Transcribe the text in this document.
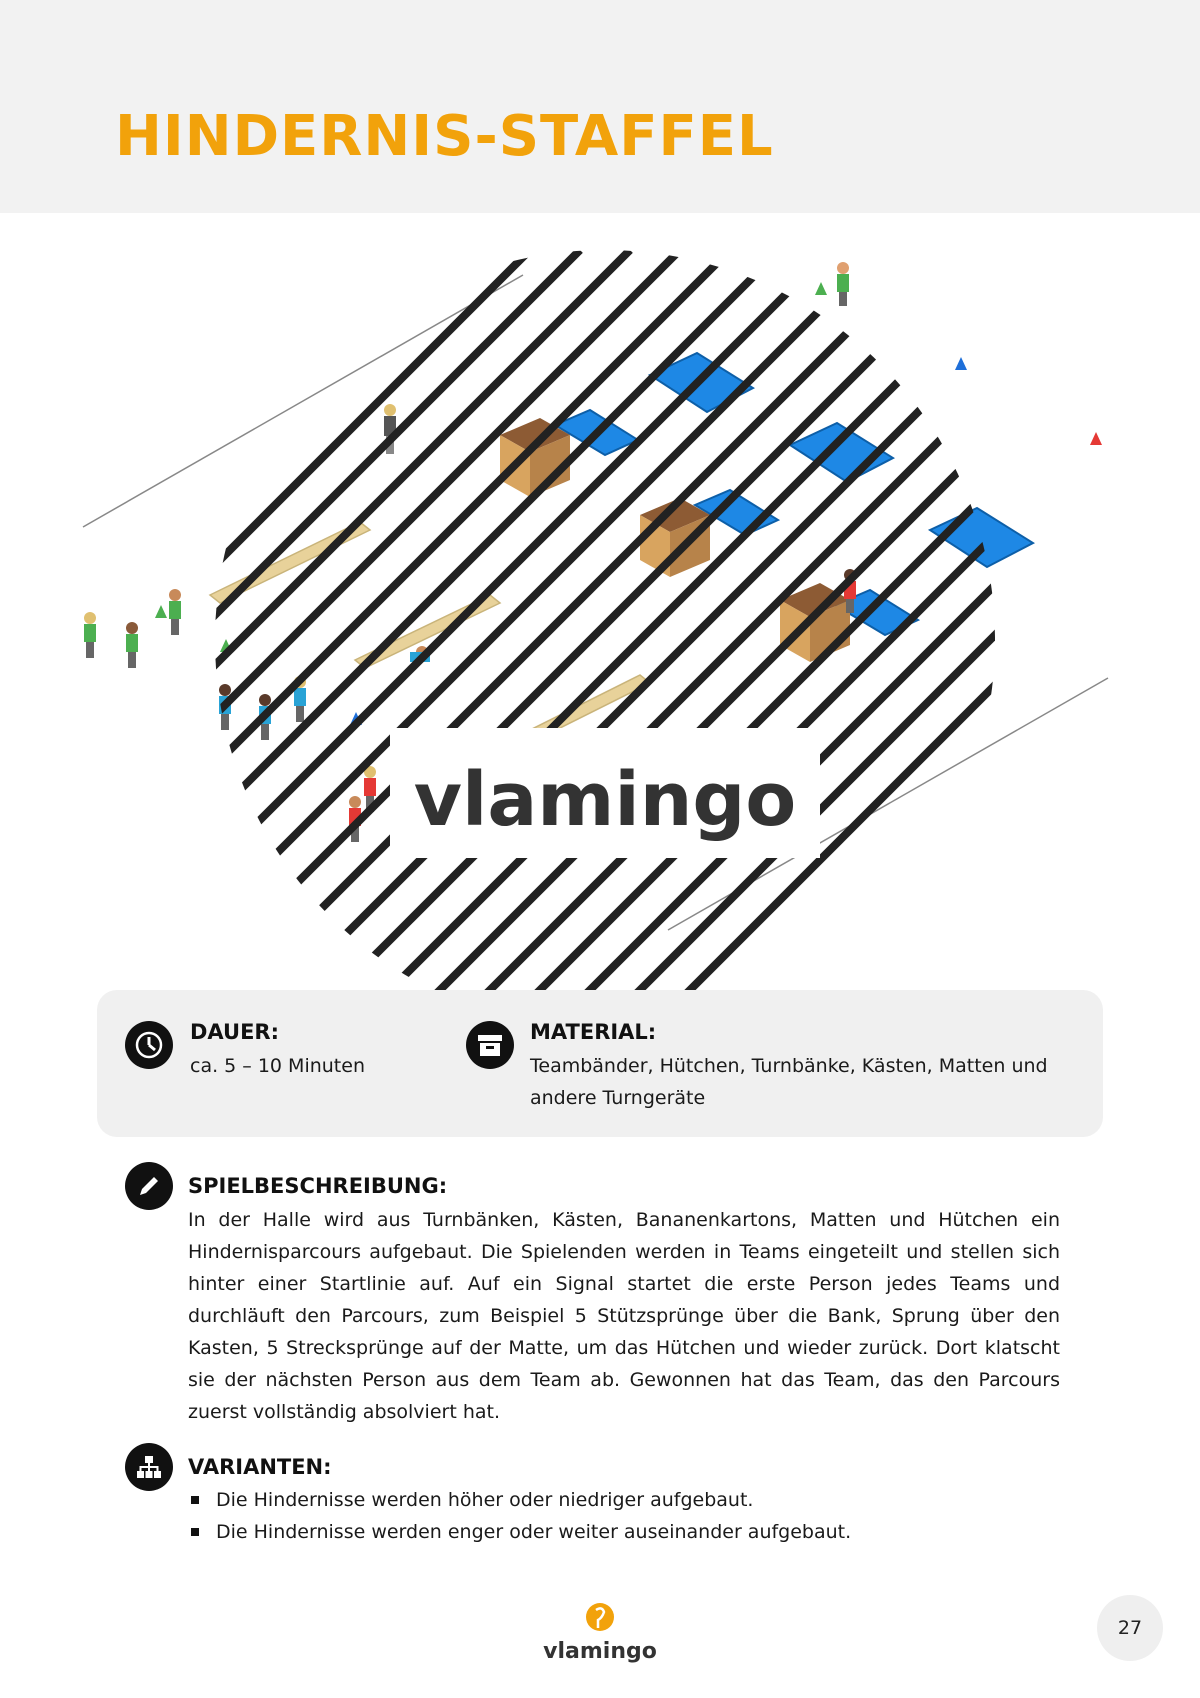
HINDERNIS-STAFFEL
vlamingo
DAUER:
ca. 5 – 10 Minuten
MATERIAL:
Teambänder, Hütchen, Turnbänke, Kästen, Matten und
andere Turngeräte
SPIELBESCHREIBUNG:

In der Halle wird aus Turnbänken, Kästen, Bananenkartons, Matten und Hütchen ein Hindernisparcours aufgebaut. Die Spielenden werden in Teams eingeteilt und stellen sich hinter einer Startlinie auf. Auf ein Signal startet die erste Person jedes Teams und durchläuft den Parcours, zum Beispiel 5 Stützsprünge über die Bank, Sprung über den Kasten, 5 Strecksprünge auf der Matte, um das Hütchen und wieder zurück. Dort klatscht sie der nächsten Person aus dem Team ab. Gewonnen hat das Team, das den Parcours zuerst vollständig absolviert hat.

VARIANTEN:
Die Hindernisse werden höher oder niedriger aufgebaut.
Die Hindernisse werden enger oder weiter auseinander aufgebaut.
vlamingo
27
